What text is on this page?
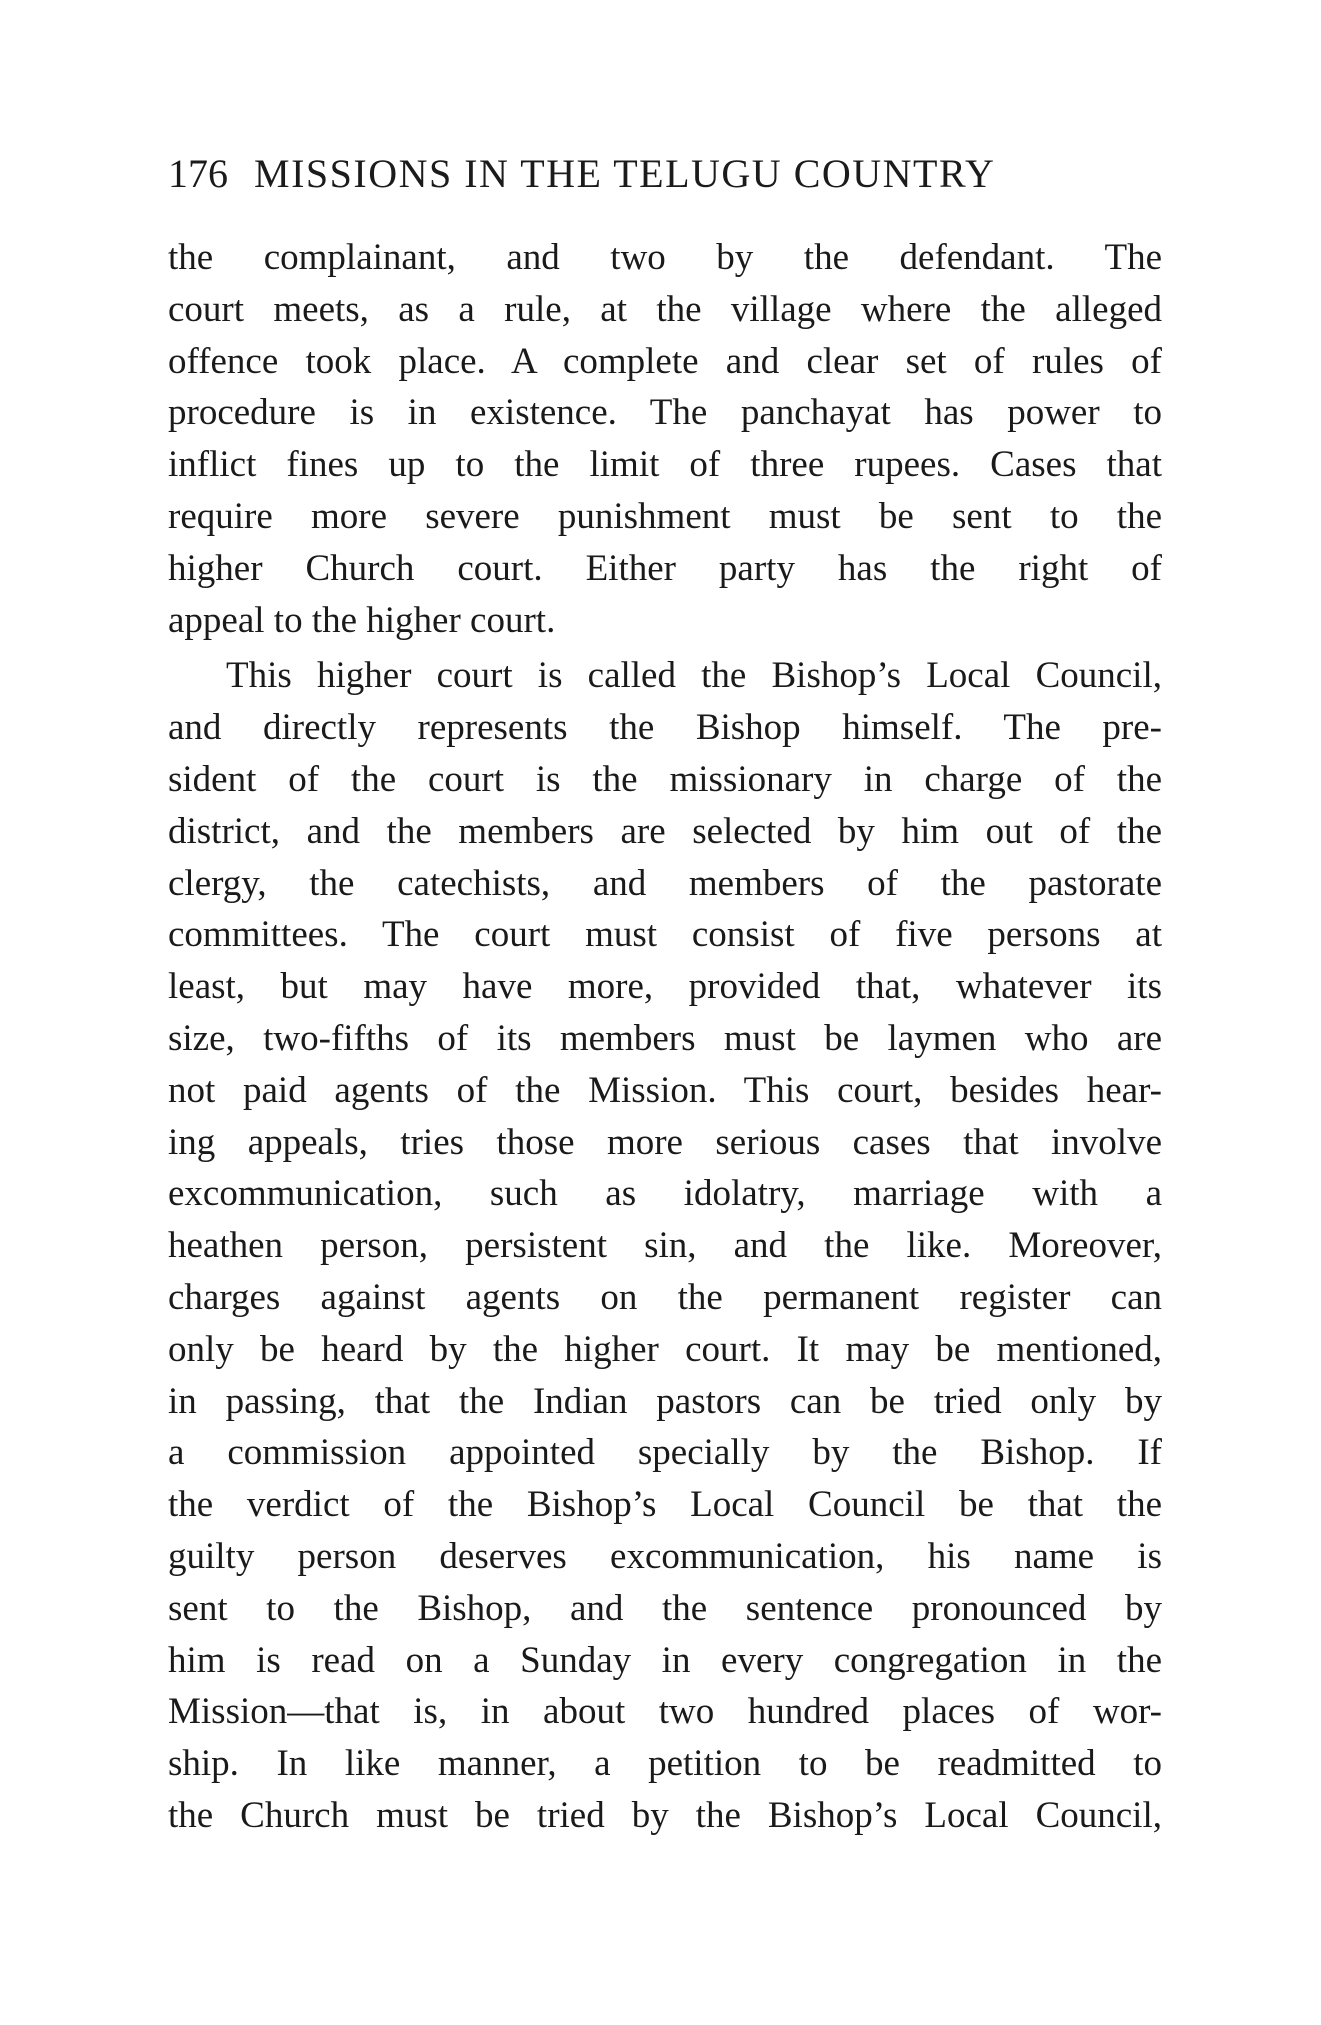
176 MISSIONS IN THE TELUGU COUNTRY
the complainant, and two by the defendant. The
court meets, as a rule, at the village where the alleged
offence took place. A complete and clear set of rules of
procedure is in existence. The panchayat has power to
inflict fines up to the limit of three rupees. Cases that
require more severe punishment must be sent to the
higher Church court. Either party has the right of
appeal to the higher court.
This higher court is called the Bishop’s Local Council,
and directly represents the Bishop himself. The pre-
sident of the court is the missionary in charge of the
district, and the members are selected by him out of the
clergy, the catechists, and members of the pastorate
committees. The court must consist of five persons at
least, but may have more, provided that, whatever its
size, two-fifths of its members must be laymen who are
not paid agents of the Mission. This court, besides hear-
ing appeals, tries those more serious cases that involve
excommunication, such as idolatry, marriage with a
heathen person, persistent sin, and the like. Moreover,
charges against agents on the permanent register can
only be heard by the higher court. It may be mentioned,
in passing, that the Indian pastors can be tried only by
a commission appointed specially by the Bishop. If
the verdict of the Bishop’s Local Council be that the
guilty person deserves excommunication, his name is
sent to the Bishop, and the sentence pronounced by
him is read on a Sunday in every congregation in the
Mission—that is, in about two hundred places of wor-
ship. In like manner, a petition to be readmitted to
the Church must be tried by the Bishop’s Local Council,
